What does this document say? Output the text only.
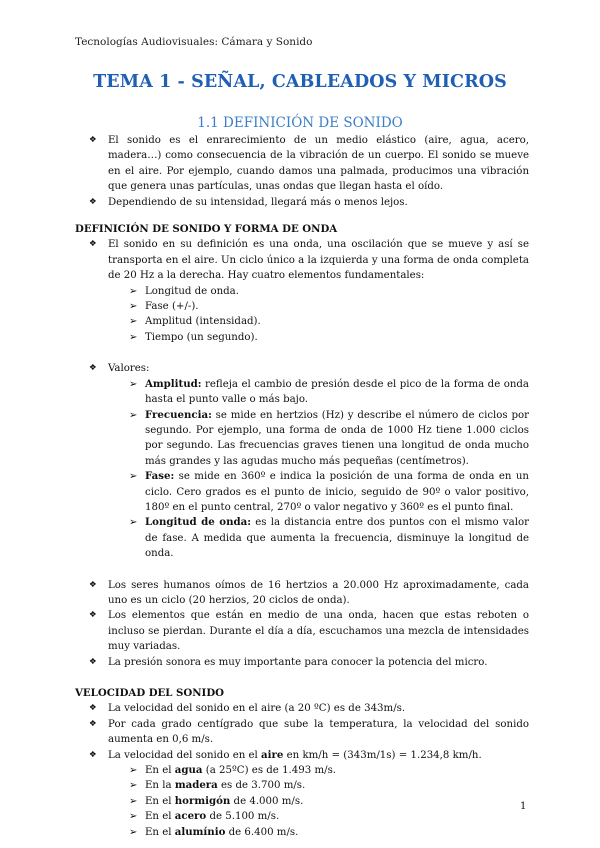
Tecnologías Audiovisuales: Cámara y Sonido
TEMA 1 - SEÑAL, CABLEADOS Y MICROS
1.1 DEFINICIÓN DE SONIDO
❖ El sonido es el enrarecimiento de un medio elástico (aire, agua, acero, madera…) como consecuencia de la vibración de un cuerpo. El sonido se mueve en el aire. Por ejemplo, cuando damos una palmada, producimos una vibración que genera unas partículas, unas ondas que llegan hasta el oído.
❖ Dependiendo de su intensidad, llegará más o menos lejos.

DEFINICIÓN DE SONIDO Y FORMA DE ONDA

❖ El sonido en su definición es una onda, una oscilación que se mueve y así se transporta en el aire. Un ciclo único a la izquierda y una forma de onda completa de 20 Hz a la derecha. Hay cuatro elementos fundamentales:
➢ Longitud de onda.
➢ Fase (+/-).
➢ Amplitud (intensidad).
➢ Tiempo (un segundo).
❖ Valores:
➢ Amplitud: refleja el cambio de presión desde el pico de la forma de onda hasta el punto valle o más bajo.
➢ Frecuencia: se mide en hertzios (Hz) y describe el número de ciclos por segundo. Por ejemplo, una forma de onda de 1000 Hz tiene 1.000 ciclos por segundo. Las frecuencias graves tienen una longitud de onda mucho más grandes y las agudas mucho más pequeñas (centímetros).
➢ Fase: se mide en 360º e indica la posición de una forma de onda en un ciclo. Cero grados es el punto de inicio, seguido de 90º o valor positivo, 180º en el punto central, 270º o valor negativo y 360º es el punto final.
➢ Longitud de onda: es la distancia entre dos puntos con el mismo valor de fase. A medida que aumenta la frecuencia, disminuye la longitud de onda.
❖ Los seres humanos oímos de 16 hertzios a 20.000 Hz aproximadamente, cada uno es un ciclo (20 herzios, 20 ciclos de onda).
❖ Los elementos que están en medio de una onda, hacen que estas reboten o incluso se pierdan. Durante el día a día, escuchamos una mezcla de intensidades muy variadas.
❖ La presión sonora es muy importante para conocer la potencia del micro.

VELOCIDAD DEL SONIDO

❖ La velocidad del sonido en el aire (a 20 ºC) es de 343m/s.
❖ Por cada grado centígrado que sube la temperatura, la velocidad del sonido aumenta en 0,6 m/s.
❖ La velocidad del sonido en el aire en km/h = (343m/1s) = 1.234,8 km/h.
➢ En el agua (a 25ºC) es de 1.493 m/s.
➢ En la madera es de 3.700 m/s.
➢ En el hormigón de 4.000 m/s.
➢ En el acero de 5.100 m/s.
➢ En el alumínio de 6.400 m/s.
1
